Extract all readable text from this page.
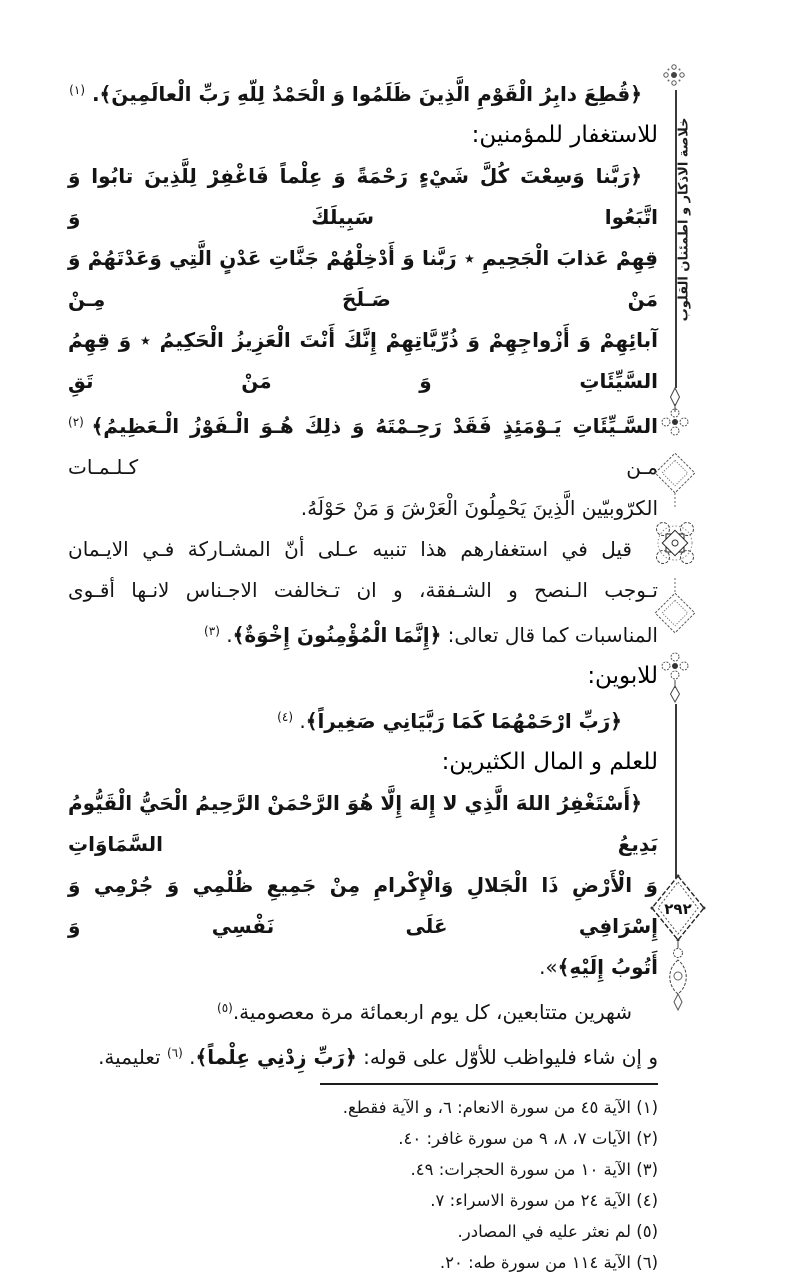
﴿قُطِعَ دابِرُ الْقَوْمِ الَّذِينَ ظَلَمُوا وَ الْحَمْدُ لِلّهِ رَبِّ الْعالَمِينَ﴾. $^{(١)}$
للاستغفار للمؤمنين:
﴿رَبَّنا وَسِعْتَ كُلَّ شَيْءٍ رَحْمَةً وَ عِلْماً فَاغْفِرْ لِلَّذِينَ تابُوا وَ اتَّبَعُوا سَبِيلَكَ وَ
قِهِمْ عَذابَ الْجَحِيمِ ٭ رَبَّنا وَ أَدْخِلْهُمْ جَنَّاتِ عَدْنٍ الَّتِي وَعَدْتَهُمْ وَ مَنْ صَـلَحَ مِـنْ
آبائِهِمْ وَ أَزْواجِهِمْ وَ ذُرِّيَّاتِهِمْ إِنَّكَ أَنْتَ الْعَزِيزُ الْحَكِيمُ ٭ وَ قِهِمُ السَّيِّئَاتِ وَ مَنْ تَقِ
السَّـيِّئَاتِ يَـوْمَئِذٍ فَقَدْ رَحِـمْتَهُ وَ ذلِكَ هُـوَ الْـفَوْزُ الْـعَظِيمُ﴾ $^{(٢)}$ مـن كـلـمـات
الكرّوبيّين الَّذِينَ يَحْمِلُونَ الْعَرْشَ وَ مَنْ حَوْلَهُ.
قيل في استغفارهم هذا تنبيه عـلى أنّ المشـاركة فـي الايـمان
تـوجب الـنصح و الشـفقة، و ان تـخالفت الاجـناس لانـها أقـوى
المناسبات كما قال تعالى: ﴿إِنَّمَا الْمُؤْمِنُونَ إِخْوَةٌ﴾. $^{(٣)}$
للابوين:
﴿رَبِّ ارْحَمْهُمَا كَمَا رَبَّيَانِي صَغِيراً﴾. $^{(٤)}$
للعلم و المال الكثيرين:
﴿أَسْتَغْفِرُ اللهَ الَّذِي لا إِلهَ إِلَّا هُوَ الرَّحْمَنْ الرَّحِيمُ الْحَيُّ الْقَيُّومُ بَدِيعُ السَّمَاوَاتِ
وَ الْأَرْضِ ذَا الْجَلالِ وَالْإِكْرامِ مِنْ جَمِيعِ ظُلْمِي وَ جُرْمِي وَ إِسْرَافِي عَلَى نَفْسِي وَ
أَتُوبُ إِلَيْهِ﴾».
شهرين متتابعين، كل يوم اربعمائة مرة معصومية.$^{(٥)}$
و إن شاء فليواظب للأوّل على قوله: ﴿رَبِّ زِدْنِي عِلْماً﴾. $^{(٦)}$ تعليمية.
(١) الآية ٤٥ من سورة الانعام: ٦، و الآية فقطع.
(٢) الآيات ٧، ٨، ٩ من سورة غافر: ٤٠.
(٣) الآية ١٠ من سورة الحجرات: ٤٩.
(٤) الآية ٢٤ من سورة الاسراء: ٧.
(٥) لم نعثر عليه في المصادر.
(٦) الآية ١١٤ من سورة طه: ٢٠.
خلاصة الاذكار و اطمئنان القلوب
٢٩٢
